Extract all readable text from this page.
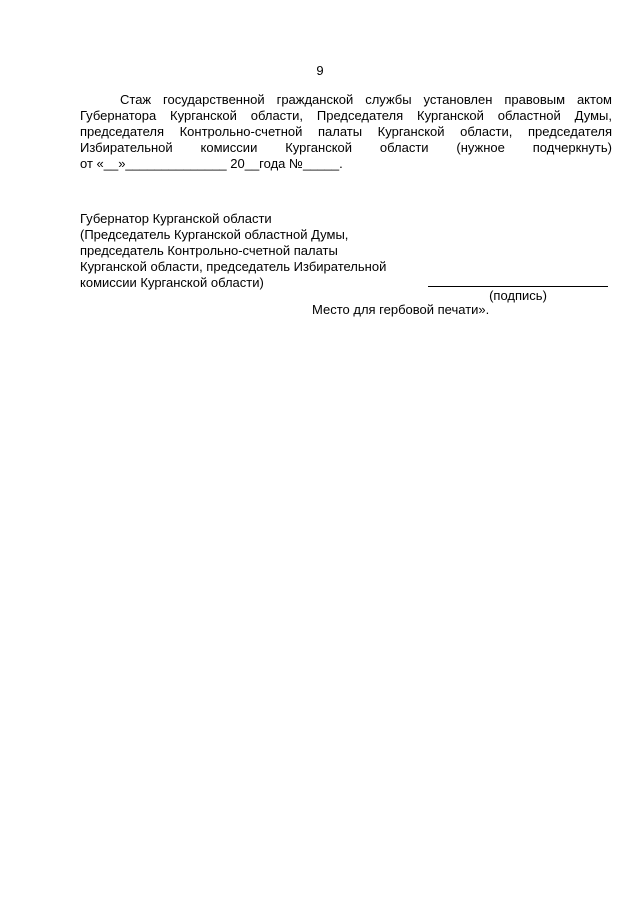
9
Стаж государственной гражданской службы установлен правовым актом
Губернатора Курганской области, Председателя Курганской областной Думы,
председателя Контрольно-счетной палаты Курганской области, председателя
Избирательной комиссии Курганской области (нужное подчеркнуть)
от «__»______________ 20__года №_____.
Губернатор Курганской области
(Председатель Курганской областной Думы,
председатель Контрольно-счетной палаты
Курганской области, председатель Избирательной
комиссии Курганской области)
(подпись)
Место для гербовой печати».
